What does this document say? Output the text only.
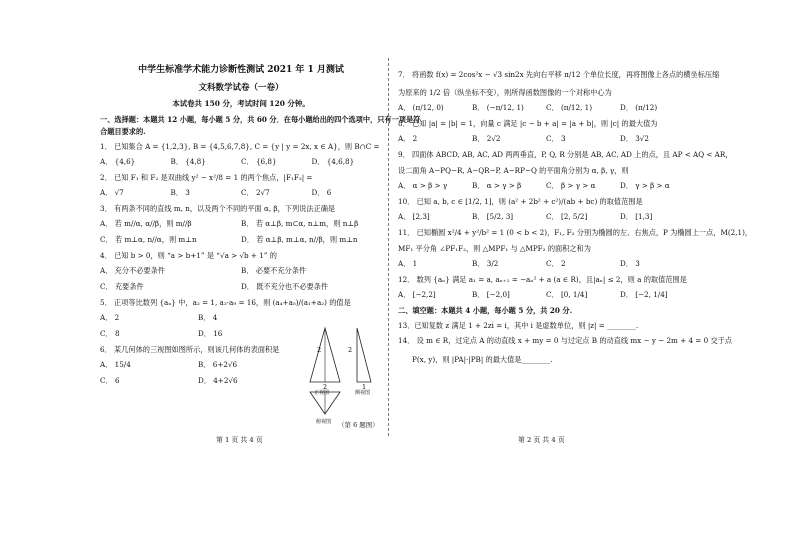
中学生标准学术能力诊断性测试 2021 年 1 月测试
文科数学试卷（一卷）
本试卷共 150 分，考试时间 120 分钟。
一、选择题：本题共 12 小题，每小题 5 分，共 60 分．在每小题给出的四个选项中，只有一项是符
合题目要求的.
1． 已知集合 A = {1,2,3}, B = {4,5,6,7,8}, C = {y | y = 2x, x ∈ A}，则 B∩C =
A． {4,6}	B． {4,8}	C． {6,8}	D． {4,6,8}
2． 已知 F₁ 和 F₂ 是双曲线 y² − x²/8 = 1 的两个焦点，|F₁F₂| =
A． √7	B． 3	C． 2√7	D． 6
3． 有两条不同的直线 m, n，以及两个不同的平面 α, β，下列说法正确是
A． 若 m//α, α//β，则 m//β	B． 若 α⊥β, m⊂α, n⊥m，则 n⊥β
C． 若 m⊥α, n//α，则 m⊥n	D． 若 α⊥β, m⊥α, n//β，则 m⊥n
4． 已知 b > 0，则 “a > b+1” 是 “√a > √b + 1” 的
A． 充分不必要条件	B． 必要不充分条件
C． 充要条件	D． 既不充分也不必要条件
5． 正项等比数列 {aₙ} 中，a₂ = 1, a₃·a₉ = 16，则 (a₄+a₅)/(a₁+a₂) 的值是
A． 2	B． 4
C． 8	D． 16
6． 某几何体的三视图如图所示，则该几何体的表面积是
A． 15/4	B． 6+2√6
C． 6	D． 4+2√6
2	2
2	1
正视图	侧视图
俯视图 （第 6 题图）
7． 将函数 f(x) = 2cos²x − √3 sin2x 先向右平移 π/12 个单位长度，再将图像上各点的横坐标压缩
为原来的 1/2 倍（纵坐标不变），则所得函数图像的一个对称中心为
A． (π/12, 0)	B． (−π/12, 1)	C． (π/12, 1)	D． (π/12)
8． 已知 |a| = |b| = 1，向量 c 满足 |c − b + a| = |a + b|，则 |c| 的最大值为
A． 2	B． 2√2	C． 3	D． 3√2
9． 四面体 ABCD, AB, AC, AD 两两垂直，P, Q, R 分别是 AB, AC, AD 上的点，且 AP < AQ < AR，
设二面角 A−PQ−R, A−QR−P, A−RP−Q 的平面角分别为 α, β, γ，则
A． α > β > γ	B． α > γ > β	C． β > γ > α	D． γ > β > α
10． 已知 a, b, c ∈ [1/2, 1]，则 (a² + 2b² + c²)/(ab + bc) 的取值范围是
A． [2,3]	B． [5/2, 3]	C． [2, 5/2]	D． [1,3]
11． 已知椭圆 x²/4 + y²/b² = 1 (0 < b < 2)，F₁, F₂ 分别为椭圆的左、右焦点，P 为椭圆上一点，M(2,1)，
MF₁ 平分角 ∠PF₁F₂，则 △MPF₁ 与 △MPF₂ 的面积之和为
A． 1	B． 3/2	C． 2	D． 3
12． 数列 {aₙ} 满足 a₁ = a, aₙ₊₁ = −aₙ² + a (a ∈ R)，且|aₙ| ≤ 2，则 a 的取值范围是
A． [−2,2]	B． [−2,0]	C． [0, 1/4]	D． [−2, 1/4]
二、填空题：本题共 4 小题，每小题 5 分，共 20 分.
13．已知复数 z 满足 1 + 2zi = i，其中 i 是虚数单位，则 |z| = ________.
14． 设 m ∈ R，过定点 A 的动直线 x + my = 0 与过定点 B 的动直线 mx − y − 2m + 4 = 0 交于点
P(x, y)，则 |PA|·|PB| 的最大值是________.
第 1 页 共 4 页	第 2 页 共 4 页
